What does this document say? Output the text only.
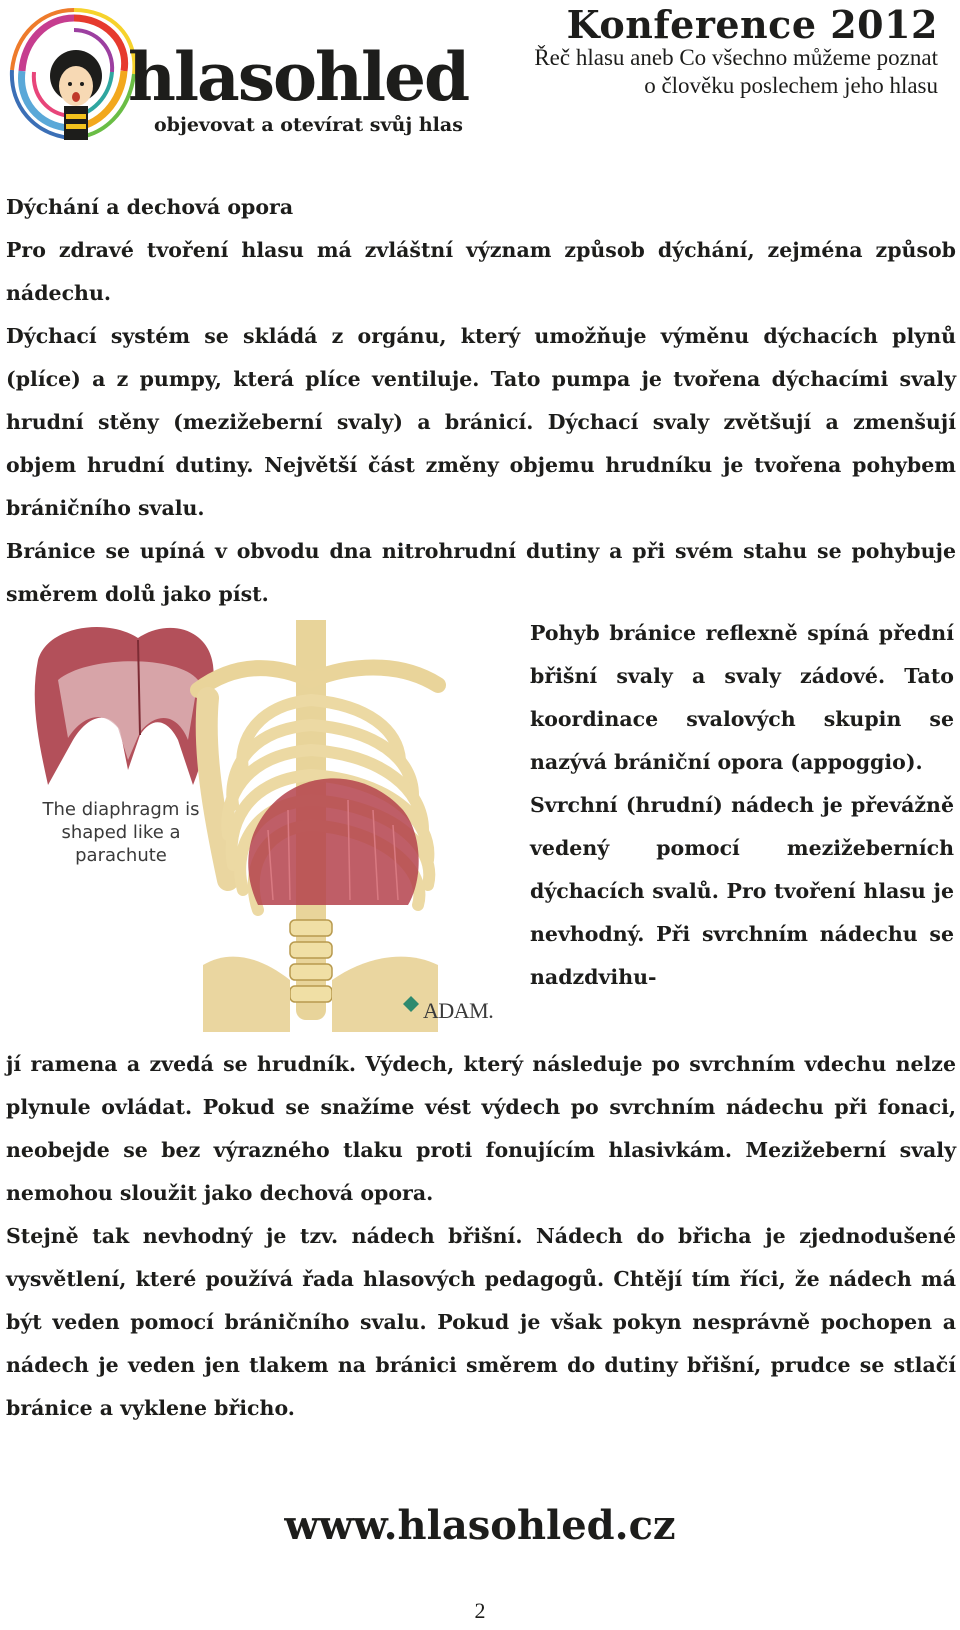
hlasohled
objevovat a otevírat svůj hlas
Konference 2012
Řeč hlasu aneb Co všechno můžeme poznat o člověku poslechem jeho hlasu

Dýchání a dechová opora

Pro zdravé tvoření hlasu má zvláštní význam způsob dýchání, zejména způsob nádechu.

Dýchací systém se skládá z orgánu, který umožňuje výměnu dýchacích plynů (plíce) a z pumpy, která plíce ventiluje. Tato pumpa je tvořena dýchacími svaly hrudní stěny (mezižeberní svaly) a bránicí. Dýchací svaly zvětšují a zmenšují objem hrudní dutiny. Největší část změny objemu hrudníku je tvořena pohybem bráničního svalu.

Bránice se upíná v obvodu dna nitrohrudní dutiny a při svém stahu se pohybuje směrem dolů jako píst.

The diaphragm is shaped like a parachute
ADAM.

Pohyb bránice reflexně spíná přední břišní svaly a svaly zádové. Tato koordinace svalových skupin se nazývá brániční opora (appoggio).

Svrchní (hrudní) nádech je převážně vedený pomocí mezižeberních dýchacích svalů. Pro tvoření hlasu je nevhodný. Při svrchním nádechu se nadzdvihu-

jí ramena a zvedá se hrudník. Výdech, který následuje po svrchním vdechu nelze plynule ovládat. Pokud se snažíme vést výdech po svrchním nádechu při fonaci, neobejde se bez výrazného tlaku proti fonujícím hlasivkám. Mezižeberní svaly nemohou sloužit jako dechová opora.

Stejně tak nevhodný je tzv. nádech břišní. Nádech do břicha je zjednodušené vysvětlení, které používá řada hlasových pedagogů. Chtějí tím říci, že nádech má být veden pomocí bráničního svalu. Pokud je však pokyn nesprávně pochopen a nádech je veden jen tlakem na bránici směrem do dutiny břišní, prudce se stlačí bránice a vyklene břicho.

www.hlasohled.cz
2
